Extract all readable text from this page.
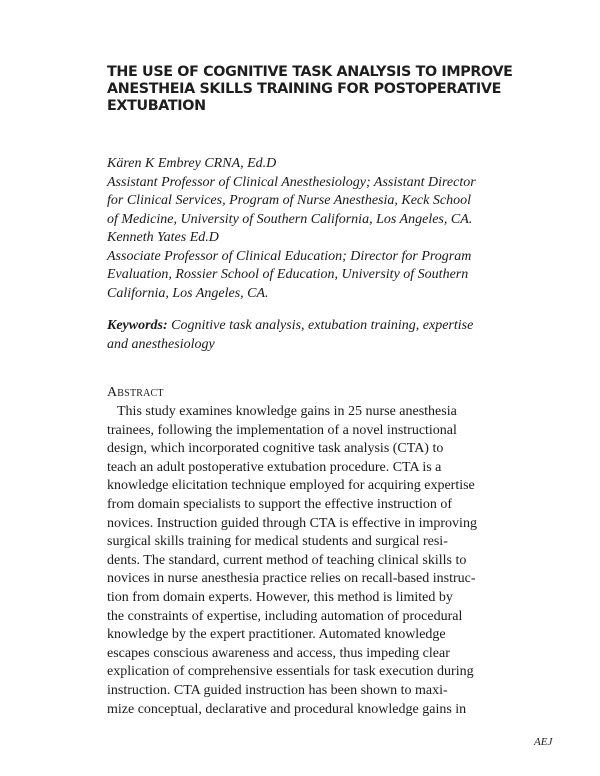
THE USE OF COGNITIVE TASK ANALYSIS TO IMPROVE
ANESTHEIA SKILLS TRAINING FOR POSTOPERATIVE
EXTUBATION
Kären K Embrey CRNA, Ed.D
Assistant Professor of Clinical Anesthesiology; Assistant Director
for Clinical Services, Program of Nurse Anesthesia, Keck School
of Medicine, University of Southern California, Los Angeles, CA.
Kenneth Yates Ed.D
Associate Professor of Clinical Education; Director for Program
Evaluation, Rossier School of Education, University of Southern
California, Los Angeles, CA.
Keywords: Cognitive task analysis, extubation training, expertise
and anesthesiology
Abstract
This study examines knowledge gains in 25 nurse anesthesia
trainees, following the implementation of a novel instructional
design, which incorporated cognitive task analysis (CTA) to
teach an adult postoperative extubation procedure. CTA is a
knowledge elicitation technique employed for acquiring expertise
from domain specialists to support the effective instruction of
novices. Instruction guided through CTA is effective in improving
surgical skills training for medical students and surgical resi-
dents. The standard, current method of teaching clinical skills to
novices in nurse anesthesia practice relies on recall-based instruc-
tion from domain experts. However, this method is limited by
the constraints of expertise, including automation of procedural
knowledge by the expert practitioner. Automated knowledge
escapes conscious awareness and access, thus impeding clear
explication of comprehensive essentials for task execution during
instruction. CTA guided instruction has been shown to maxi-
mize conceptual, declarative and procedural knowledge gains in
AEJ
